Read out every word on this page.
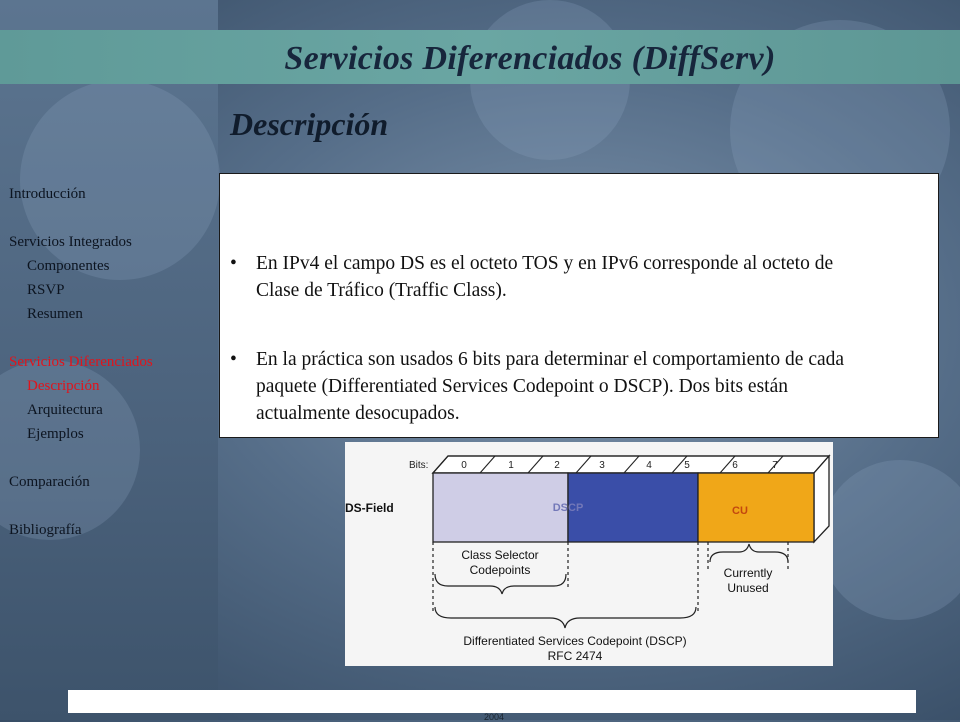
Servicios Diferenciados (DiffServ)
Descripción
Introducción
Servicios Integrados
• Componentes
• RSVP
• Resumen
Servicios Diferenciados
• Descripción
• Arquitectura
• Ejemplos
Comparación
Bibliografía
• En IPv4 el campo DS es el octeto TOS y en IPv6 corresponde al octeto de Clase de Tráfico (Traffic Class).
• En la práctica son usados 6 bits para determinar el comportamiento de cada paquete (Differentiated Services Codepoint o DSCP). Dos bits están actualmente desocupados.
Bits:	0	1	2	3	4	5	6	7
DS-Field	DSCP	CU
Class Selector
Codepoints	Currently
Unused
Differentiated Services Codepoint (DSCP)
RFC 2474
2004
